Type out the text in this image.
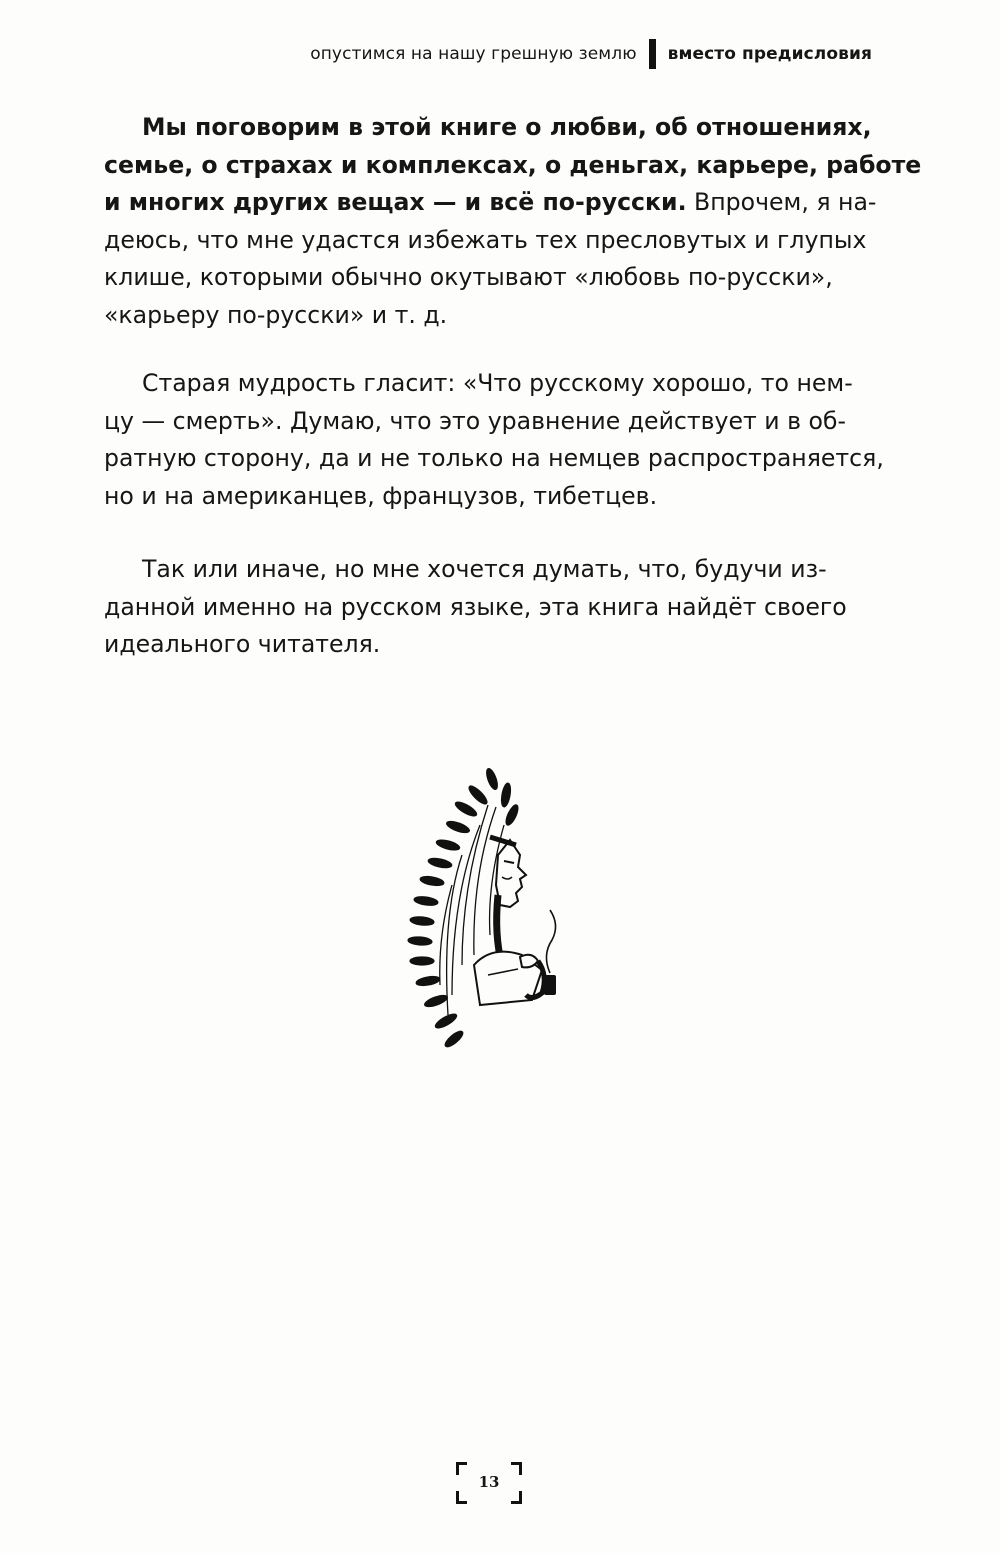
опустимся на нашу грешную землю вместо предисловия

Мы поговорим в этой книге о любви, об отношениях,
семье, о страхах и комплексах, о деньгах, карьере, работе
и многих других вещах — и всё по-русски. Впрочем, я на-
деюсь, что мне удастся избежать тех пресловутых и глупых
клише, которыми обычно окутывают «любовь по-русски»,
«карьеру по-русски» и т. д.

Старая мудрость гласит: «Что русскому хорошо, то нем-
цу — смерть». Думаю, что это уравнение действует и в об-
ратную сторону, да и не только на немцев распространяется,
но и на американцев, французов, тибетцев.

Так или иначе, но мне хочется думать, что, будучи из-
данной именно на русском языке, эта книга найдёт своего
идеального читателя.

13
